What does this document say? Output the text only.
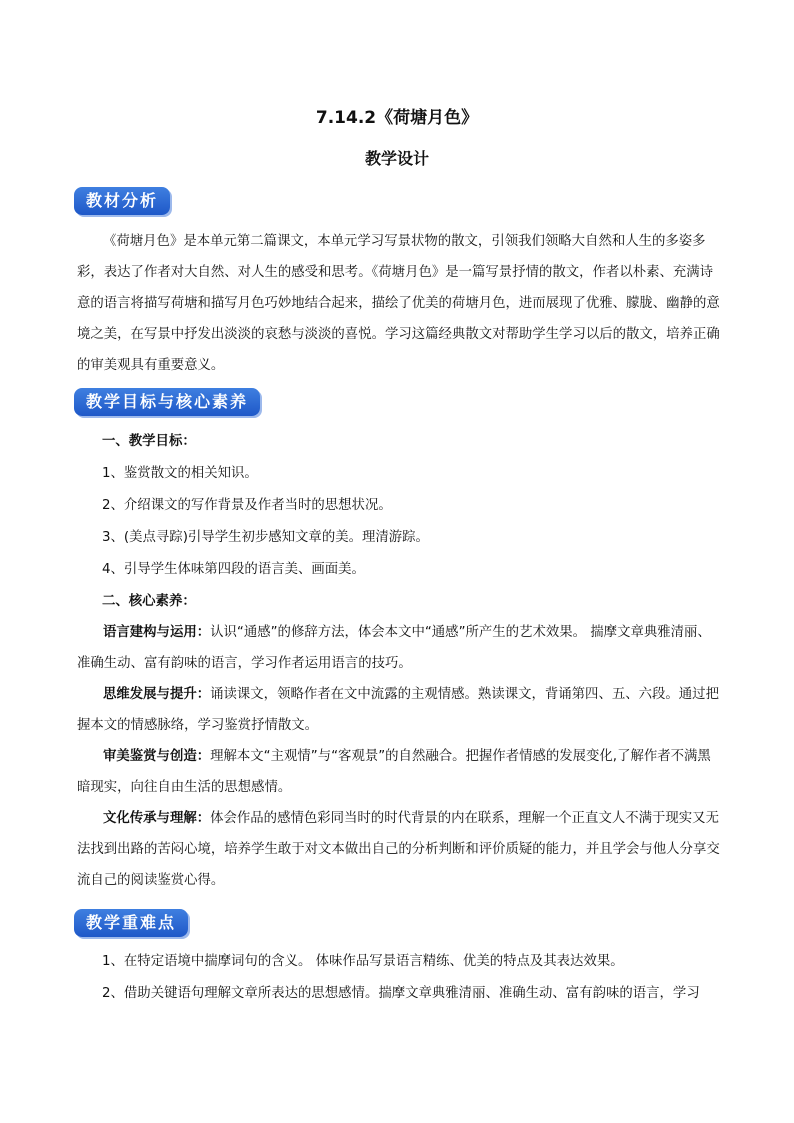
7.14.2《荷塘月色》
教学设计
教材分析
《荷塘月色》是本单元第二篇课文，本单元学习写景状物的散文，引领我们领略大自然和人生的多姿多彩，表达了作者对大自然、对人生的感受和思考。《荷塘月色》是一篇写景抒情的散文，作者以朴素、充满诗意的语言将描写荷塘和描写月色巧妙地结合起来，描绘了优美的荷塘月色，进而展现了优雅、朦胧、幽静的意境之美，在写景中抒发出淡淡的哀愁与淡淡的喜悦。学习这篇经典散文对帮助学生学习以后的散文，培养正确的审美观具有重要意义。
教学目标与核心素养
一、教学目标：
1、鉴赏散文的相关知识。
2、介绍课文的写作背景及作者当时的思想状况。
3、(美点寻踪)引导学生初步感知文章的美。理清游踪。
4、引导学生体味第四段的语言美、画面美。
二、核心素养：
语言建构与运用：认识“通感”的修辞方法，体会本文中“通感”所产生的艺术效果。 揣摩文章典雅清丽、准确生动、富有韵味的语言，学习作者运用语言的技巧。
思维发展与提升：诵读课文，领略作者在文中流露的主观情感。熟读课文，背诵第四、五、六段。通过把握本文的情感脉络，学习鉴赏抒情散文。
审美鉴赏与创造：理解本文“主观情”与“客观景”的自然融合。把握作者情感的发展变化,了解作者不满黑暗现实，向往自由生活的思想感情。
文化传承与理解：体会作品的感情色彩同当时的时代背景的内在联系，理解一个正直文人不满于现实又无法找到出路的苦闷心境，培养学生敢于对文本做出自己的分析判断和评价质疑的能力，并且学会与他人分享交流自己的阅读鉴赏心得。
教学重难点
1、在特定语境中揣摩词句的含义。 体味作品写景语言精练、优美的特点及其表达效果。
2、借助关键语句理解文章所表达的思想感情。揣摩文章典雅清丽、准确生动、富有韵味的语言，学习
